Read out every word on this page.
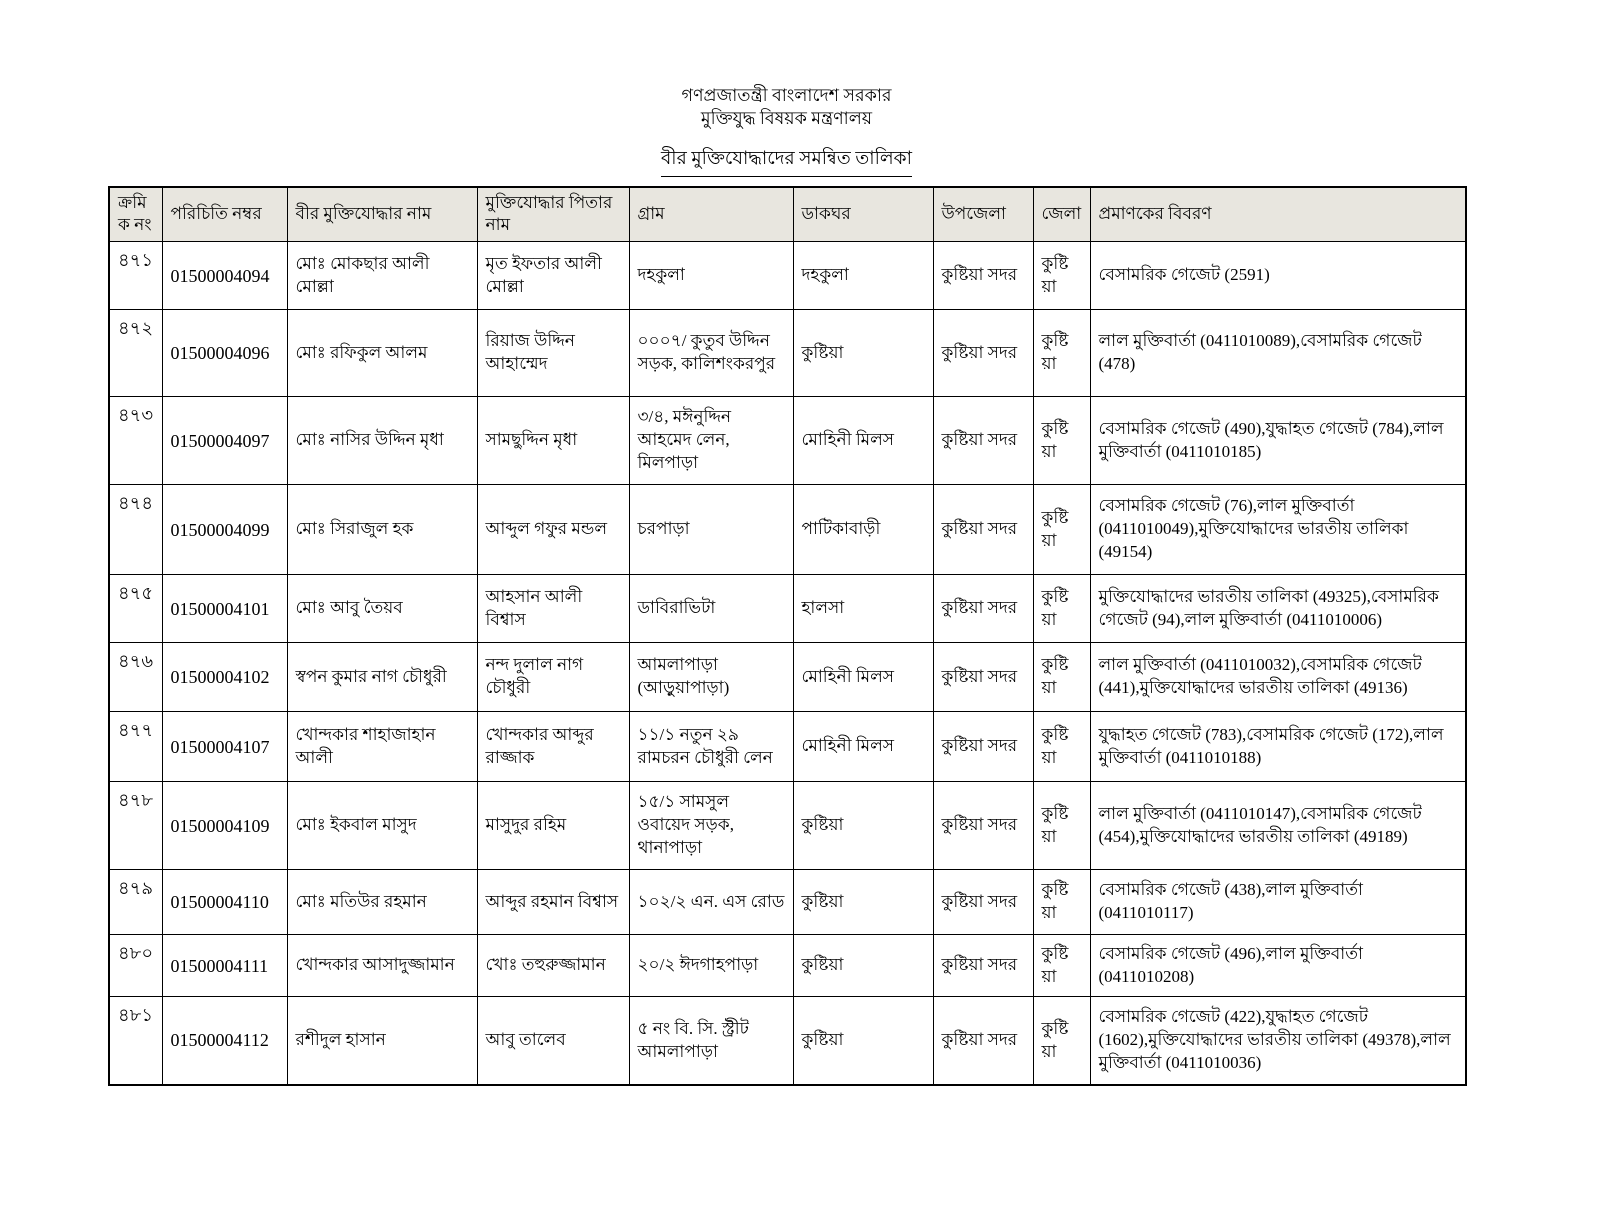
গণপ্রজাতন্ত্রী বাংলাদেশ সরকার
মুক্তিযুদ্ধ বিষয়ক মন্ত্রণালয়
বীর মুক্তিযোদ্ধাদের সমন্বিত তালিকা
ক্রমিক নং	পরিচিতি নম্বর	বীর মুক্তিযোদ্ধার নাম	মুক্তিযোদ্ধার পিতার নাম	গ্রাম	ডাকঘর	উপজেলা	জেলা	প্রমাণকের বিবরণ
৪৭১	01500004094	মোঃ মোকছার আলী মোল্লা	মৃত ইফতার আলী মোল্লা	দহকুলা	দহকুলা	কুষ্টিয়া সদর	কুষ্টিয়া	বেসামরিক গেজেট (2591)
৪৭২	01500004096	মোঃ রফিকুল আলম	রিয়াজ উদ্দিন আহাম্মেদ	০০০৭/ কুতুব উদ্দিন সড়ক, কালিশংকরপুর	কুষ্টিয়া	কুষ্টিয়া সদর	কুষ্টিয়া	লাল মুক্তিবার্তা (0411010089),বেসামরিক গেজেট (478)
৪৭৩	01500004097	মোঃ নাসির উদ্দিন মৃধা	সামছুদ্দিন মৃধা	৩/৪, মঈনুদ্দিন আহমেদ লেন, মিলপাড়া	মোহিনী মিলস	কুষ্টিয়া সদর	কুষ্টিয়া	বেসামরিক গেজেট (490),যুদ্ধাহত গেজেট (784),লাল মুক্তিবার্তা (0411010185)
৪৭৪	01500004099	মোঃ সিরাজুল হক	আব্দুল গফুর মন্ডল	চরপাড়া	পাটিকাবাড়ী	কুষ্টিয়া সদর	কুষ্টিয়া	বেসামরিক গেজেট (76),লাল মুক্তিবার্তা (0411010049),মুক্তিযোদ্ধাদের ভারতীয় তালিকা (49154)
৪৭৫	01500004101	মোঃ আবু তৈয়ব	আহসান আলী বিশ্বাস	ডাবিরাভিটা	হালসা	কুষ্টিয়া সদর	কুষ্টিয়া	মুক্তিযোদ্ধাদের ভারতীয় তালিকা (49325),বেসামরিক গেজেট (94),লাল মুক্তিবার্তা (0411010006)
৪৭৬	01500004102	স্বপন কুমার নাগ চৌধুরী	নন্দ দুলাল নাগ চৌধুরী	আমলাপাড়া (আড়ুয়াপাড়া)	মোহিনী মিলস	কুষ্টিয়া সদর	কুষ্টিয়া	লাল মুক্তিবার্তা (0411010032),বেসামরিক গেজেট (441),মুক্তিযোদ্ধাদের ভারতীয় তালিকা (49136)
৪৭৭	01500004107	খোন্দকার শাহাজাহান আলী	খোন্দকার আব্দুর রাজ্জাক	১১/১ নতুন ২৯ রামচরন চৌধুরী লেন	মোহিনী মিলস	কুষ্টিয়া সদর	কুষ্টিয়া	যুদ্ধাহত গেজেট (783),বেসামরিক গেজেট (172),লাল মুক্তিবার্তা (0411010188)
৪৭৮	01500004109	মোঃ ইকবাল মাসুদ	মাসুদুর রহিম	১৫/১ সামসুল ওবায়েদ সড়ক, থানাপাড়া	কুষ্টিয়া	কুষ্টিয়া সদর	কুষ্টিয়া	লাল মুক্তিবার্তা (0411010147),বেসামরিক গেজেট (454),মুক্তিযোদ্ধাদের ভারতীয় তালিকা (49189)
৪৭৯	01500004110	মোঃ মতিউর রহমান	আব্দুর রহমান বিশ্বাস	১০২/২ এন. এস রোড	কুষ্টিয়া	কুষ্টিয়া সদর	কুষ্টিয়া	বেসামরিক গেজেট (438),লাল মুক্তিবার্তা (0411010117)
৪৮০	01500004111	খোন্দকার আসাদুজ্জামান	খোঃ তহুরুজ্জামান	২০/২ ঈদগাহপাড়া	কুষ্টিয়া	কুষ্টিয়া সদর	কুষ্টিয়া	বেসামরিক গেজেট (496),লাল মুক্তিবার্তা (0411010208)
৪৮১	01500004112	রশীদুল হাসান	আবু তালেব	৫ নং বি. সি. স্ট্রীট আমলাপাড়া	কুষ্টিয়া	কুষ্টিয়া সদর	কুষ্টিয়া	বেসামরিক গেজেট (422),যুদ্ধাহত গেজেট (1602),মুক্তিযোদ্ধাদের ভারতীয় তালিকা (49378),লাল মুক্তিবার্তা (0411010036)
